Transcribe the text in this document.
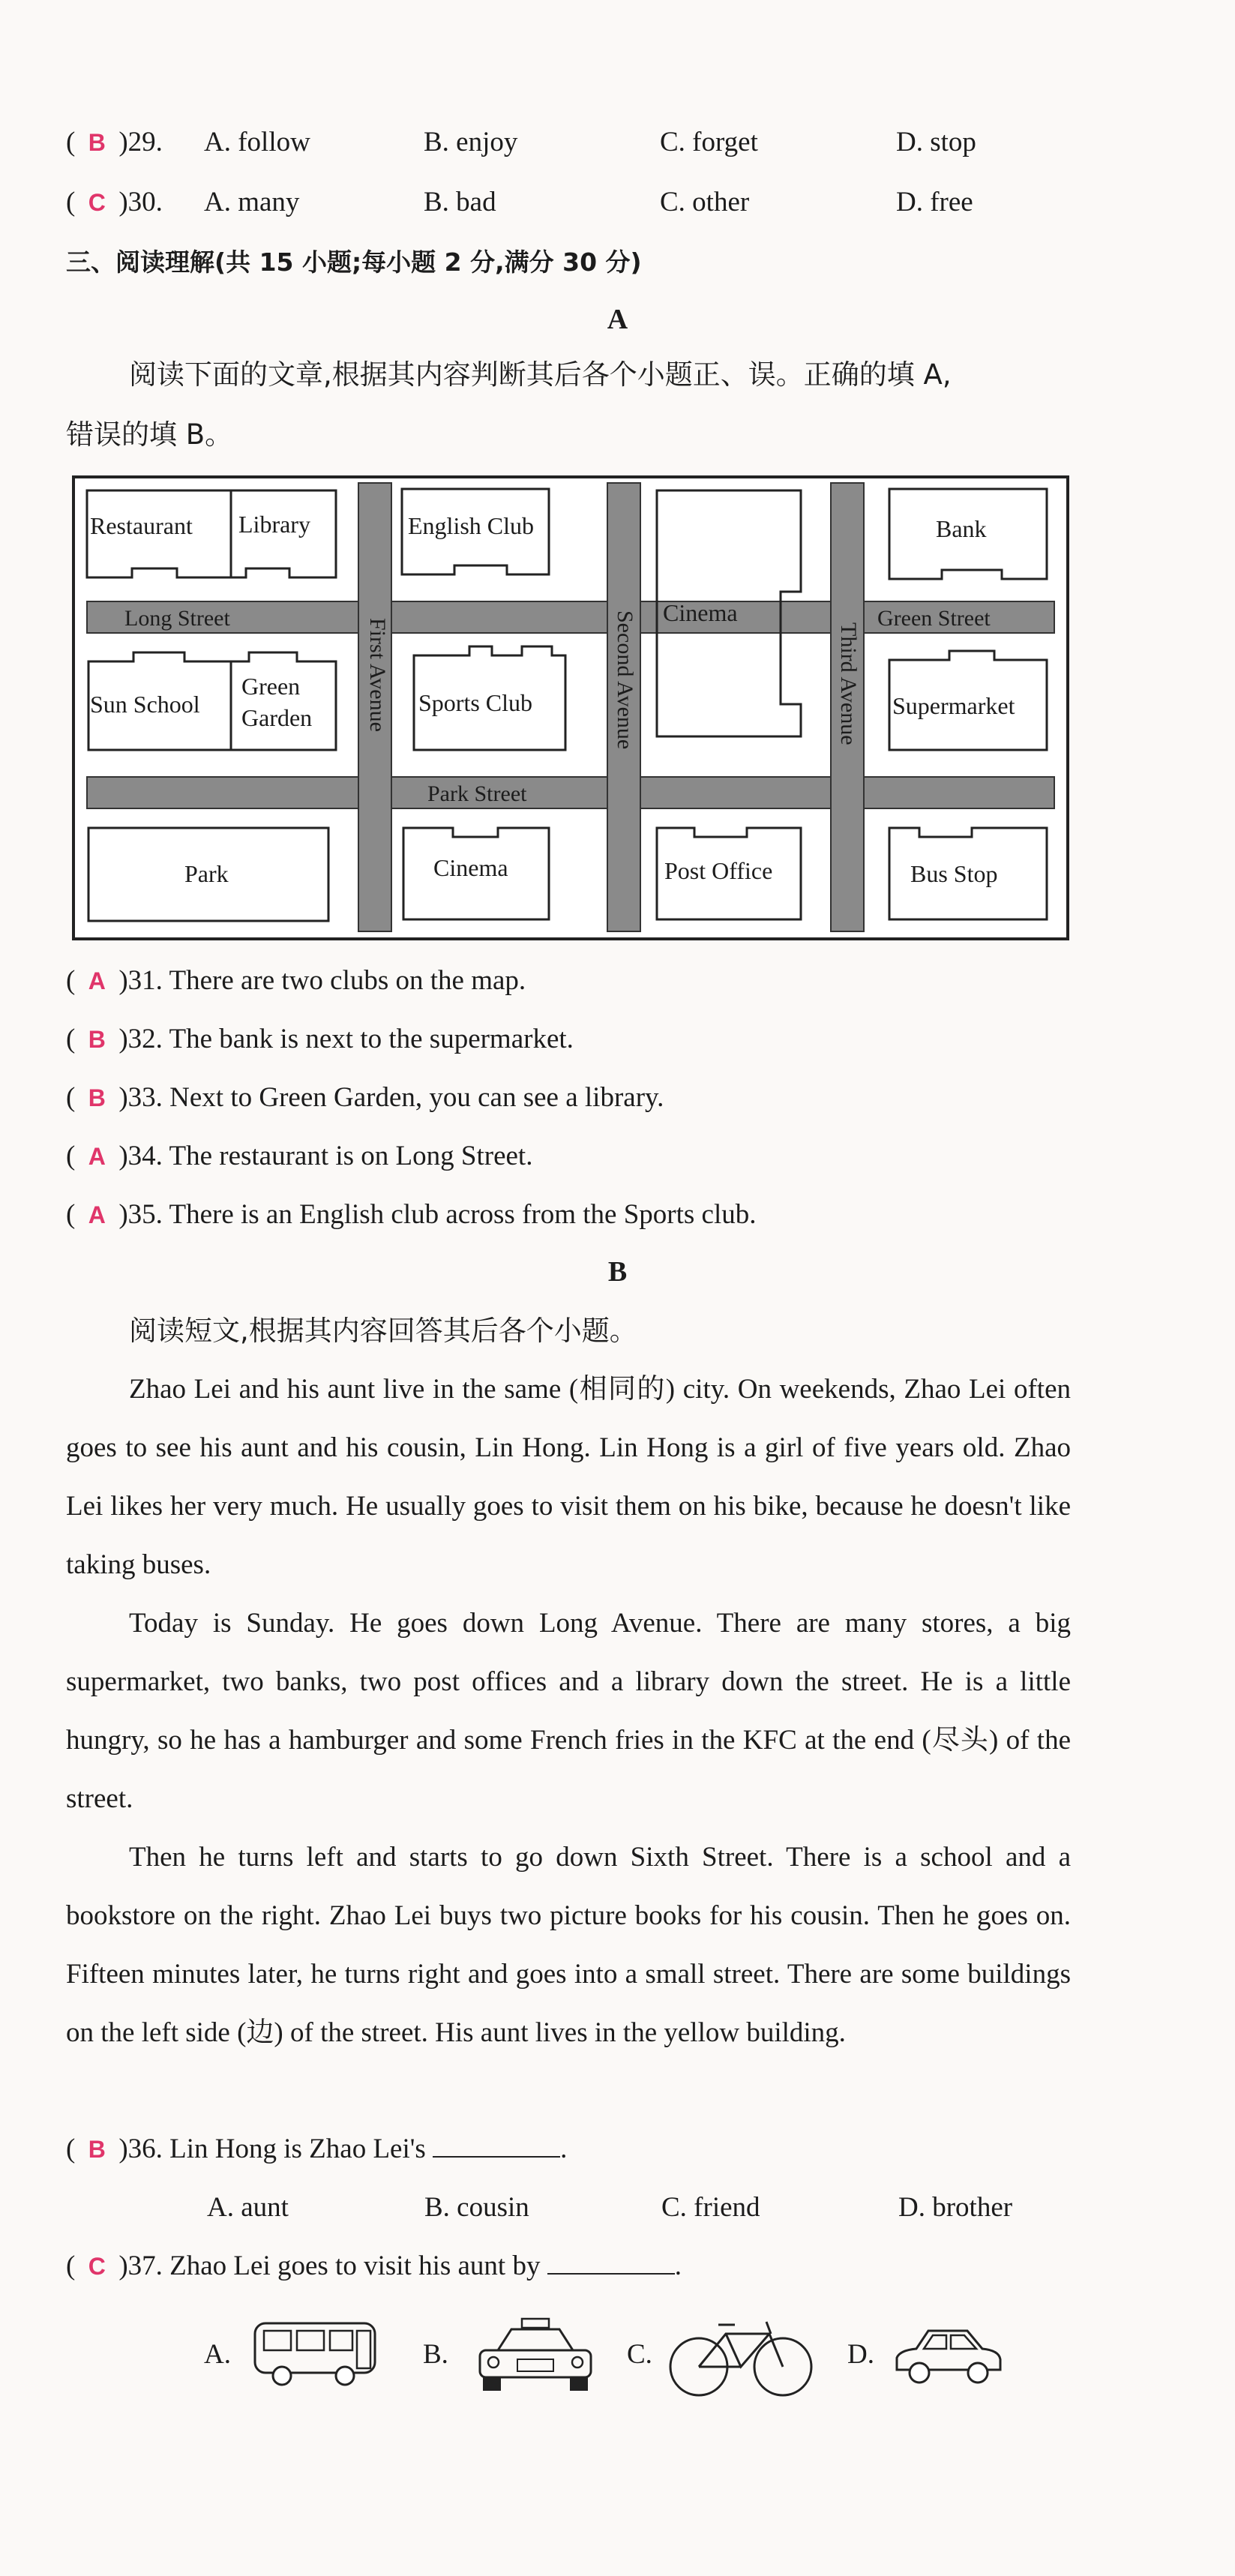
( B )29. A. follow	B. enjoy	C. forget	D. stop
( C )30. A. many	B. bad	C. other	D. free
三、阅读理解(共 15 小题;每小题 2 分,满分 30 分)
A
阅读下面的文章,根据其内容判断其后各个小题正、误。正确的填 A,
错误的填 B。
Restaurant Library	English Club	Bank
Cinema
Sun School
Green
Garden
Sports Club	Supermarket
Park	Cinema	Post Office	Bus Stop
Long Street	Green Street
Park Street
First Avenue	Second Avenue	Third Avenue
( A )31. There are two clubs on the map.
( B )32. The bank is next to the supermarket.
( B )33. Next to Green Garden, you can see a library.
( A )34. The restaurant is on Long Street.
( A )35. There is an English club across from the Sports club.
B
阅读短文,根据其内容回答其后各个小题。
Zhao Lei and his aunt live in the same (相同的) city. On weekends, Zhao Lei often goes to see his aunt and his cousin, Lin Hong. Lin Hong is a girl of five years old. Zhao Lei likes her very much. He usually goes to visit them on his bike, because he doesn't like taking buses.
Today is Sunday. He goes down Long Avenue. There are many stores, a big supermarket, two banks, two post offices and a library down the street. He is a little hungry, so he has a hamburger and some French fries in the KFC at the end (尽头) of the street.
Then he turns left and starts to go down Sixth Street. There is a school and a bookstore on the right. Zhao Lei buys two picture books for his cousin. Then he goes on. Fifteen minutes later, he turns right and goes into a small street. There are some buildings on the left side (边) of the street. His aunt lives in the yellow building.
( B )36. Lin Hong is Zhao Lei's	.
A. aunt	B. cousin	C. friend	D. brother
( C )37. Zhao Lei goes to visit his aunt by	.
A.	B.	C.	D.
